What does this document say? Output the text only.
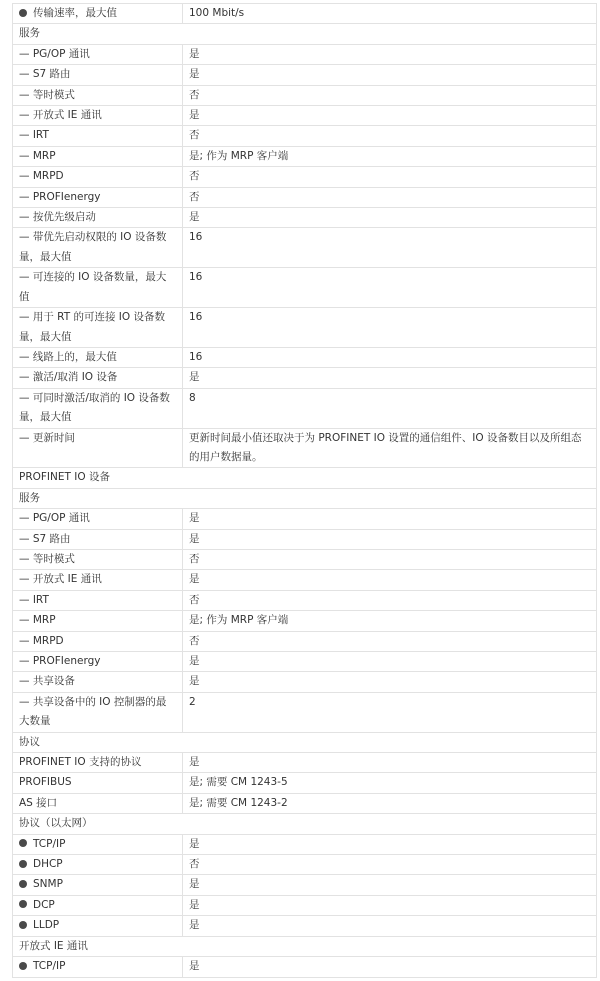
传输速率，最大值	100 Mbit/s
服务	
— PG/OP 通讯	是
— S7 路由	是
— 等时模式	否
— 开放式 IE 通讯	是
— IRT	否
— MRP	是; 作为 MRP 客户端
— MRPD	否
— PROFIenergy	否
— 按优先级启动	是
— 带优先启动权限的 IO 设备数量，最大值	16
— 可连接的 IO 设备数量，最大值	16
— 用于 RT 的可连接 IO 设备数量，最大值	16
— 线路上的，最大值	16
— 激活/取消 IO 设备	是
— 可同时激活/取消的 IO 设备数量，最大值	8
— 更新时间	更新时间最小值还取决于为 PROFINET IO 设置的通信组件、IO 设备数目以及所组态的用户数据量。
PROFINET IO 设备	
服务	
— PG/OP 通讯	是
— S7 路由	是
— 等时模式	否
— 开放式 IE 通讯	是
— IRT	否
— MRP	是; 作为 MRP 客户端
— MRPD	否
— PROFIenergy	是
— 共享设备	是
— 共享设备中的 IO 控制器的最大数量	2
协议	
PROFINET IO 支持的协议	是
PROFIBUS	是; 需要 CM 1243-5
AS 接口	是; 需要 CM 1243-2
协议（以太网）	
TCP/IP	是
DHCP	否
SNMP	是
DCP	是
LLDP	是
开放式 IE 通讯	
TCP/IP	是
